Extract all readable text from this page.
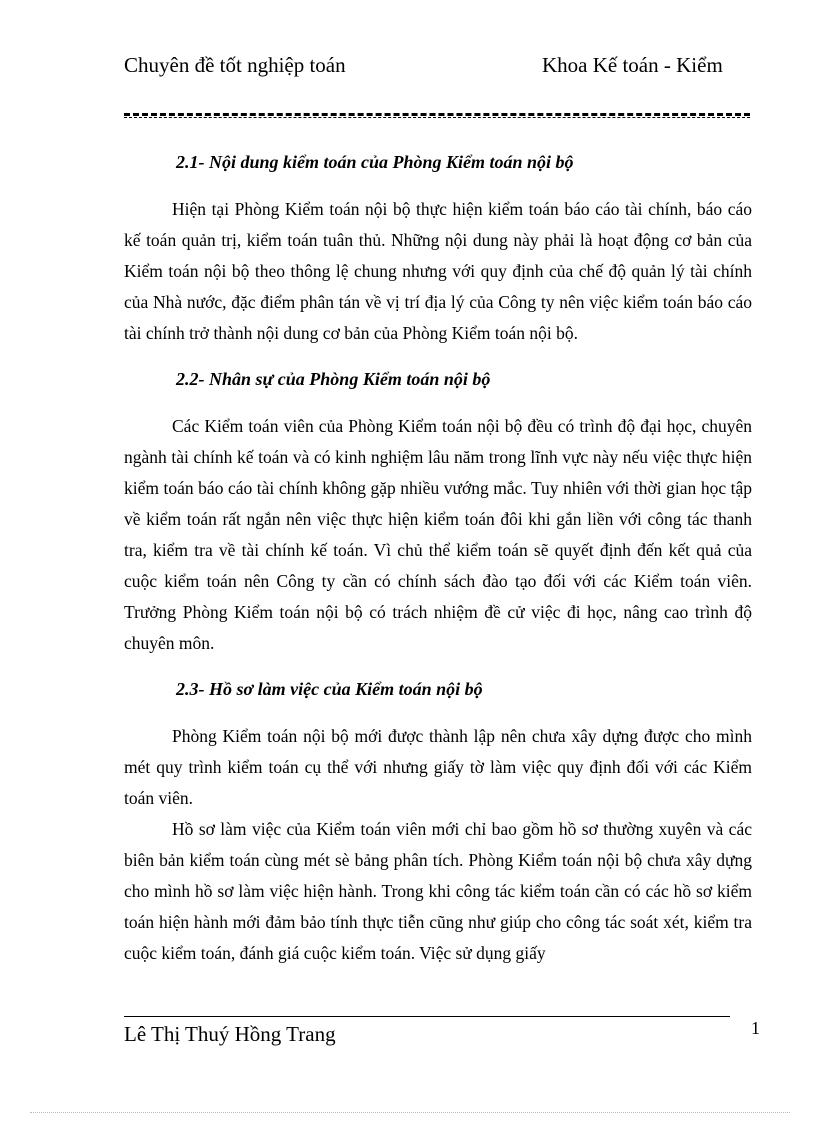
Chuyên đề tốt nghiệp toán	Khoa Kế toán - Kiểm
2.1- Nội dung kiểm toán của Phòng Kiểm toán nội bộ

Hiện tại Phòng Kiểm toán nội bộ thực hiện kiểm toán báo cáo tài chính, báo cáo kế toán quản trị, kiểm toán tuân thủ. Những nội dung này phải là hoạt động cơ bản của Kiểm toán nội bộ theo thông lệ chung nhưng với quy định của chế độ quản lý tài chính của Nhà nước, đặc điểm phân tán về vị trí địa lý của Công ty nên việc kiểm toán báo cáo tài chính trở thành nội dung cơ bản của Phòng Kiểm toán nội bộ.

2.2- Nhân sự của Phòng Kiểm toán nội bộ

Các Kiểm toán viên của Phòng Kiểm toán nội bộ đều có trình độ đại học, chuyên ngành tài chính kế toán và có kinh nghiệm lâu năm trong lĩnh vực này nếu việc thực hiện kiểm toán báo cáo tài chính không gặp nhiều vướng mắc. Tuy nhiên với thời gian học tập về kiểm toán rất ngắn nên việc thực hiện kiểm toán đôi khi gắn liền với công tác thanh tra, kiểm tra về tài chính kế toán. Vì chủ thể kiểm toán sẽ quyết định đến kết quả của cuộc kiểm toán nên Công ty cần có chính sách đào tạo đối với các Kiểm toán viên. Trưởng Phòng Kiểm toán nội bộ có trách nhiệm đề cử việc đi học, nâng cao trình độ chuyên môn.

2.3- Hồ sơ làm việc của Kiểm toán nội bộ

Phòng Kiểm toán nội bộ mới được thành lập nên chưa xây dựng được cho mình mét quy trình kiểm toán cụ thể với nhưng giấy tờ làm việc quy định đối với các Kiểm toán viên.

Hồ sơ làm việc của Kiểm toán viên mới chỉ bao gồm hồ sơ thường xuyên và các biên bản kiểm toán cùng mét sè bảng phân tích. Phòng Kiểm toán nội bộ chưa xây dựng cho mình hồ sơ làm việc hiện hành. Trong khi công tác kiểm toán cần có các hồ sơ kiểm toán hiện hành mới đảm bảo tính thực tiễn cũng như giúp cho công tác soát xét, kiểm tra cuộc kiểm toán, đánh giá cuộc kiểm toán. Việc sử dụng giấy

Lê Thị Thuý Hồng Trang	1
